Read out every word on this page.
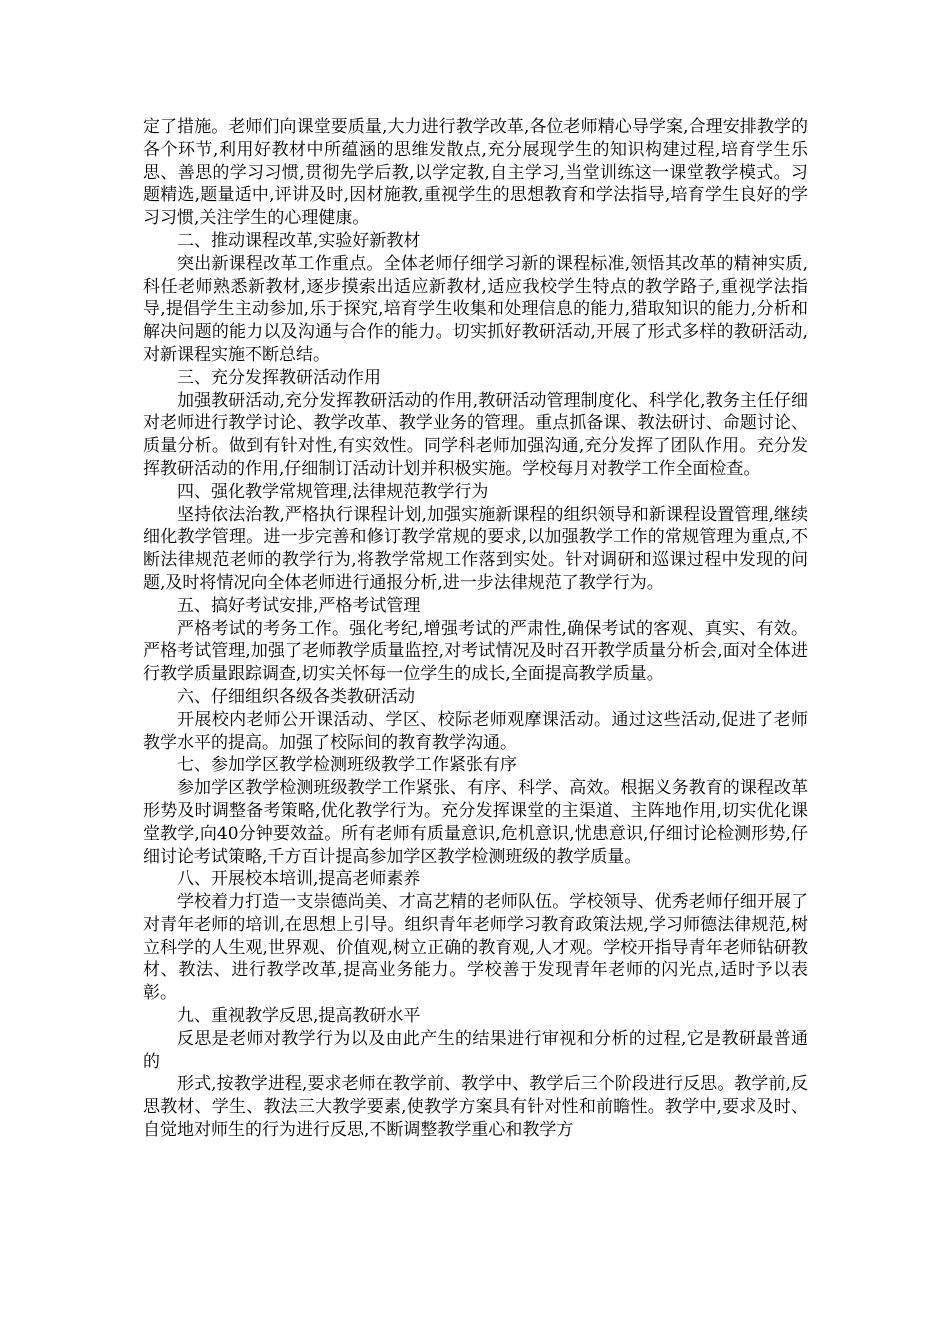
定了措施。老师们向课堂要质量,大力进行教学改革,各位老师精心导学案,合理安排教学的各个环节,利用好教材中所蕴涵的思维发散点,充分展现学生的知识构建过程,培育学生乐思、善思的学习习惯,贯彻先学后教,以学定教,自主学习,当堂训练这一课堂教学模式。习题精选,题量适中,评讲及时,因材施教,重视学生的思想教育和学法指导,培育学生良好的学习习惯,关注学生的心理健康。

二、推动课程改革,实验好新教材

突出新课程改革工作重点。全体老师仔细学习新的课程标准,领悟其改革的精神实质,科任老师熟悉新教材,逐步摸索出适应新教材,适应我校学生特点的教学路子,重视学法指导,提倡学生主动参加,乐于探究,培育学生收集和处理信息的能力,猎取知识的能力,分析和解决问题的能力以及沟通与合作的能力。切实抓好教研活动,开展了形式多样的教研活动,对新课程实施不断总结。

三、充分发挥教研活动作用

加强教研活动,充分发挥教研活动的作用,教研活动管理制度化、科学化,教务主任仔细对老师进行教学讨论、教学改革、教学业务的管理。重点抓备课、教法研讨、命题讨论、质量分析。做到有针对性,有实效性。同学科老师加强沟通,充分发挥了团队作用。充分发挥教研活动的作用,仔细制订活动计划并积极实施。学校每月对教学工作全面检查。

四、强化教学常规管理,法律规范教学行为

坚持依法治教,严格执行课程计划,加强实施新课程的组织领导和新课程设置管理,继续细化教学管理。进一步完善和修订教学常规的要求,以加强教学工作的常规管理为重点,不断法律规范老师的教学行为,将教学常规工作落到实处。针对调研和巡课过程中发现的问题,及时将情况向全体老师进行通报分析,进一步法律规范了教学行为。

五、搞好考试安排,严格考试管理

严格考试的考务工作。强化考纪,增强考试的严肃性,确保考试的客观、真实、有效。严格考试管理,加强了老师教学质量监控,对考试情况及时召开教学质量分析会,面对全体进行教学质量跟踪调查,切实关怀每一位学生的成长,全面提高教学质量。

六、仔细组织各级各类教研活动

开展校内老师公开课活动、学区、校际老师观摩课活动。通过这些活动,促进了老师教学水平的提高。加强了校际间的教育教学沟通。

七、参加学区教学检测班级教学工作紧张有序

参加学区教学检测班级教学工作紧张、有序、科学、高效。根据义务教育的课程改革形势及时调整备考策略,优化教学行为。充分发挥课堂的主渠道、主阵地作用,切实优化课堂教学,向40分钟要效益。所有老师有质量意识,危机意识,忧患意识,仔细讨论检测形势,仔细讨论考试策略,千方百计提高参加学区教学检测班级的教学质量。

八、开展校本培训,提高老师素养

学校着力打造一支崇德尚美、才高艺精的老师队伍。学校领导、优秀老师仔细开展了对青年老师的培训,在思想上引导。组织青年老师学习教育政策法规,学习师德法律规范,树立科学的人生观,世界观、价值观,树立正确的教育观,人才观。学校开指导青年老师钻研教材、教法、进行教学改革,提高业务能力。学校善于发现青年老师的闪光点,适时予以表彰。

九、重视教学反思,提高教研水平

反思是老师对教学行为以及由此产生的结果进行审视和分析的过程,它是教研最普通的

形式,按教学进程,要求老师在教学前、教学中、教学后三个阶段进行反思。教学前,反思教材、学生、教法三大教学要素,使教学方案具有针对性和前瞻性。教学中,要求及时、自觉地对师生的行为进行反思,不断调整教学重心和教学方
